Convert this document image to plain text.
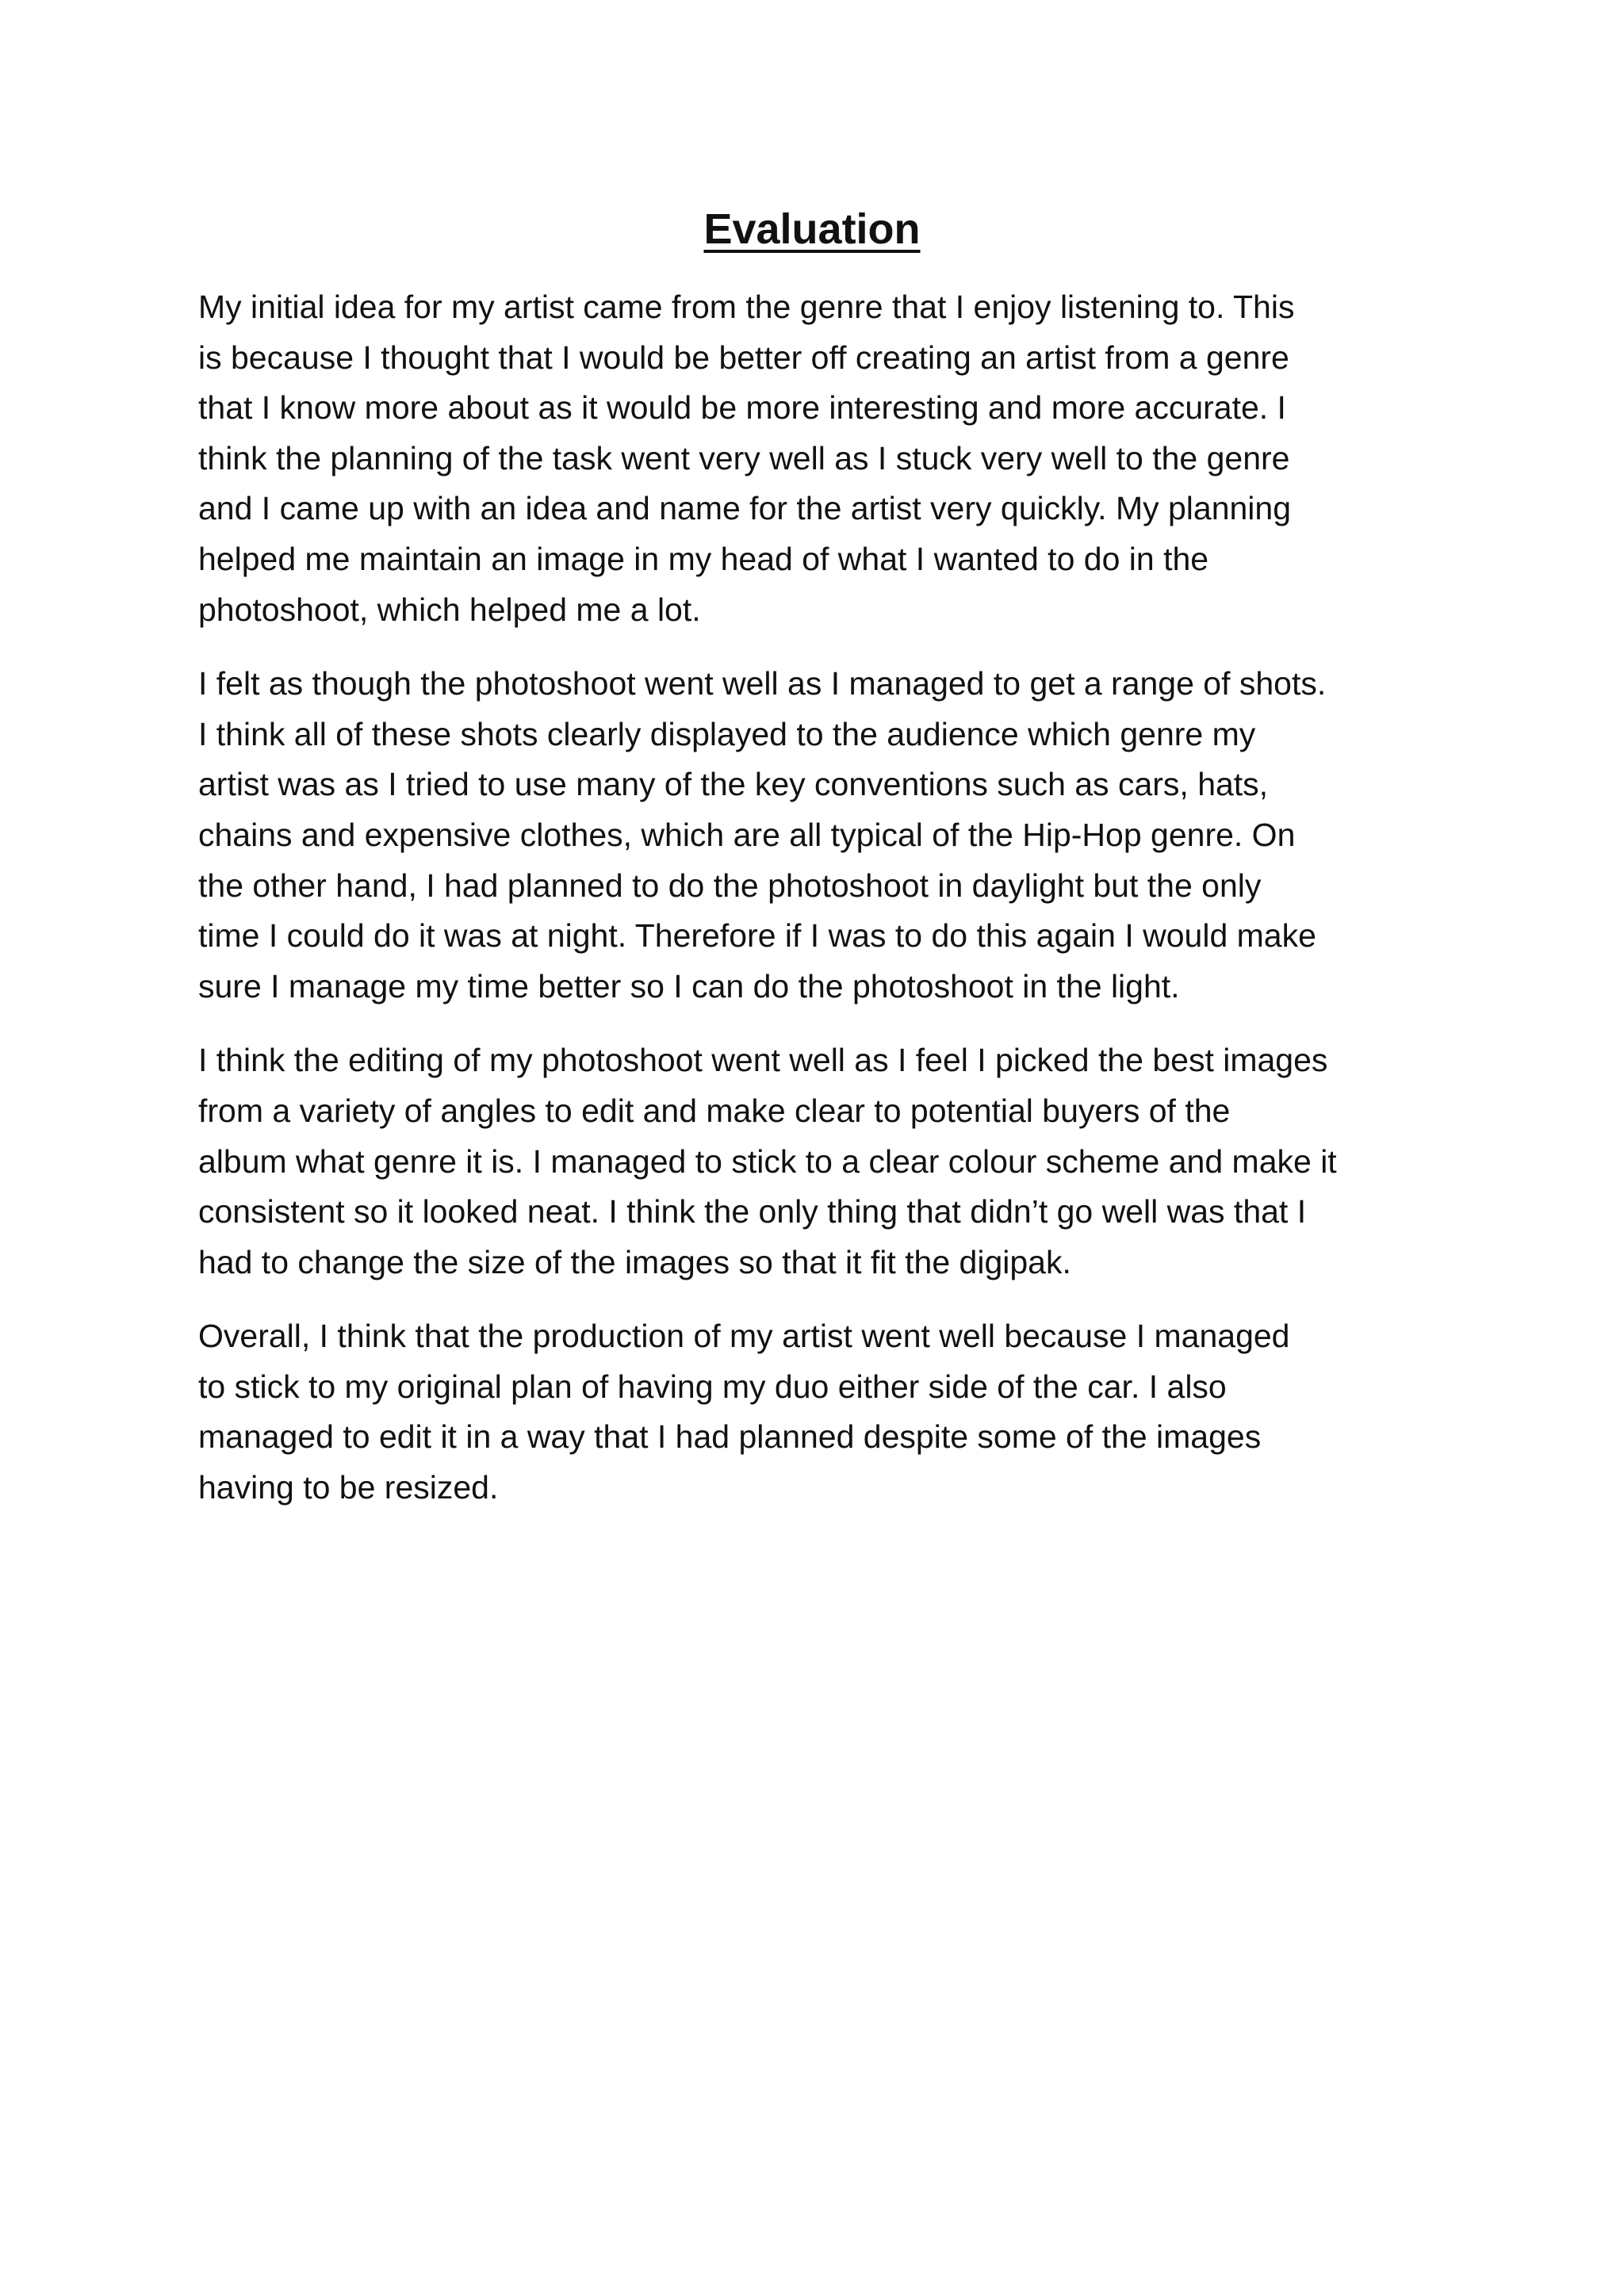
Evaluation

My initial idea for my artist came from the genre that I enjoy listening to. This
is because I thought that I would be better off creating an artist from a genre
that I know more about as it would be more interesting and more accurate. I
think the planning of the task went very well as I stuck very well to the genre
and I came up with an idea and name for the artist very quickly. My planning
helped me maintain an image in my head of what I wanted to do in the
photoshoot, which helped me a lot.

I felt as though the photoshoot went well as I managed to get a range of shots.
I think all of these shots clearly displayed to the audience which genre my
artist was as I tried to use many of the key conventions such as cars, hats,
chains and expensive clothes, which are all typical of the Hip-Hop genre. On
the other hand, I had planned to do the photoshoot in daylight but the only
time I could do it was at night. Therefore if I was to do this again I would make
sure I manage my time better so I can do the photoshoot in the light.

I think the editing of my photoshoot went well as I feel I picked the best images
from a variety of angles to edit and make clear to potential buyers of the
album what genre it is. I managed to stick to a clear colour scheme and make it
consistent so it looked neat. I think the only thing that didn’t go well was that I
had to change the size of the images so that it fit the digipak.

Overall, I think that the production of my artist went well because I managed
to stick to my original plan of having my duo either side of the car. I also
managed to edit it in a way that I had planned despite some of the images
having to be resized.
